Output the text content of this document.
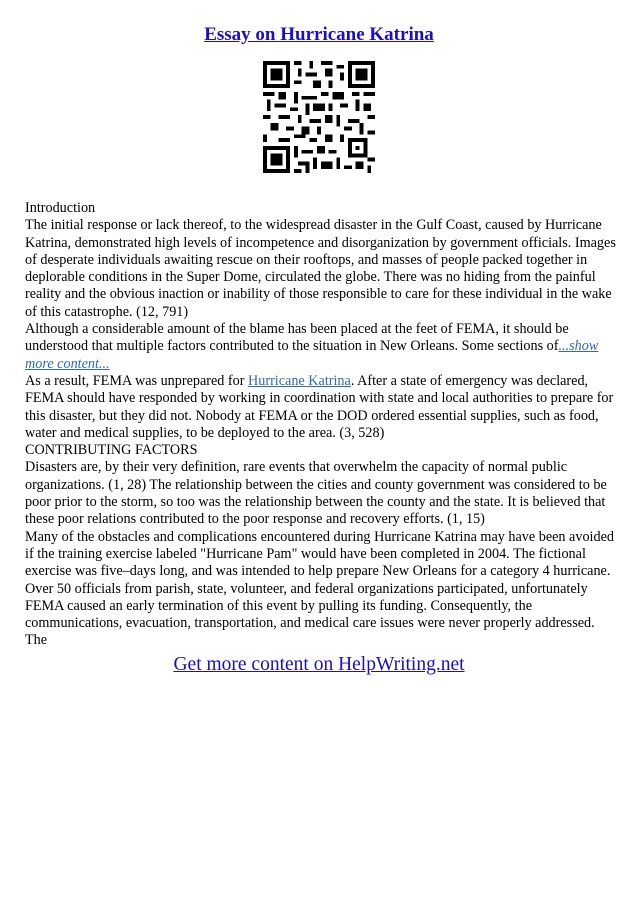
Essay on Hurricane Katrina

Introduction

The initial response or lack thereof, to the widespread disaster in the Gulf Coast, caused by Hurricane Katrina, demonstrated high levels of incompetence and disorganization by government officials. Images of desperate individuals awaiting rescue on their rooftops, and masses of people packed together in deplorable conditions in the Super Dome, circulated the globe. There was no hiding from the painful reality and the obvious inaction or inability of those responsible to care for these individual in the wake of this catastrophe. (12, 791)

Although a considerable amount of the blame has been placed at the feet of FEMA, it should be understood that multiple factors contributed to the situation in New Orleans. Some sections of...show more content...

As a result, FEMA was unprepared for Hurricane Katrina. After a state of emergency was declared, FEMA should have responded by working in coordination with state and local authorities to prepare for this disaster, but they did not. Nobody at FEMA or the DOD ordered essential supplies, such as food, water and medical supplies, to be deployed to the area. (3, 528)

CONTRIBUTING FACTORS

Disasters are, by their very definition, rare events that overwhelm the capacity of normal public organizations. (1, 28) The relationship between the cities and county government was considered to be poor prior to the storm, so too was the relationship between the county and the state. It is believed that these poor relations contributed to the poor response and recovery efforts. (1, 15)

Many of the obstacles and complications encountered during Hurricane Katrina may have been avoided if the training exercise labeled "Hurricane Pam" would have been completed in 2004. The fictional exercise was five–days long, and was intended to help prepare New Orleans for a category 4 hurricane. Over 50 officials from parish, state, volunteer, and federal organizations participated, unfortunately FEMA caused an early termination of this event by pulling its funding. Consequently, the communications, evacuation, transportation, and medical care issues were never properly addressed. The

Get more content on HelpWriting.net
